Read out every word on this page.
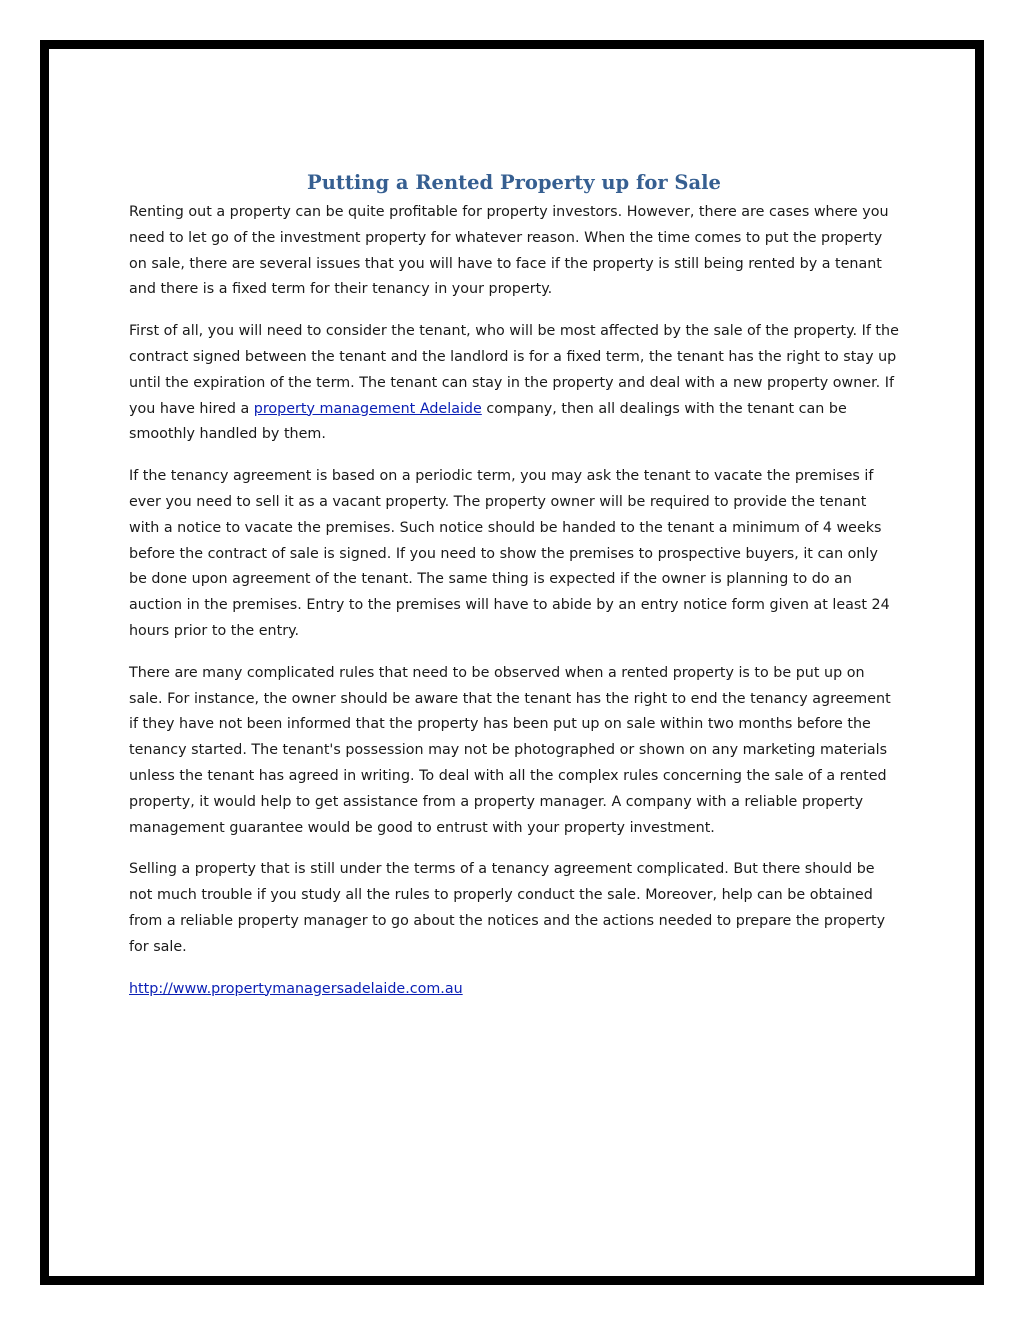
Putting a Rented Property up for Sale

Renting out a property can be quite profitable for property investors. However, there are cases where you need to let go of the investment property for whatever reason. When the time comes to put the property on sale, there are several issues that you will have to face if the property is still being rented by a tenant and there is a fixed term for their tenancy in your property.

First of all, you will need to consider the tenant, who will be most affected by the sale of the property. If the contract signed between the tenant and the landlord is for a fixed term, the tenant has the right to stay up until the expiration of the term. The tenant can stay in the property and deal with a new property owner. If you have hired a property management Adelaide company, then all dealings with the tenant can be smoothly handled by them.

If the tenancy agreement is based on a periodic term, you may ask the tenant to vacate the premises if ever you need to sell it as a vacant property. The property owner will be required to provide the tenant with a notice to vacate the premises. Such notice should be handed to the tenant a minimum of 4 weeks before the contract of sale is signed. If you need to show the premises to prospective buyers, it can only be done upon agreement of the tenant. The same thing is expected if the owner is planning to do an auction in the premises. Entry to the premises will have to abide by an entry notice form given at least 24 hours prior to the entry.

There are many complicated rules that need to be observed when a rented property is to be put up on sale. For instance, the owner should be aware that the tenant has the right to end the tenancy agreement if they have not been informed that the property has been put up on sale within two months before the tenancy started. The tenant's possession may not be photographed or shown on any marketing materials unless the tenant has agreed in writing. To deal with all the complex rules concerning the sale of a rented property, it would help to get assistance from a property manager. A company with a reliable property management guarantee would be good to entrust with your property investment.

Selling a property that is still under the terms of a tenancy agreement complicated. But there should be not much trouble if you study all the rules to properly conduct the sale. Moreover, help can be obtained from a reliable property manager to go about the notices and the actions needed to prepare the property for sale.

http://www.propertymanagersadelaide.com.au
